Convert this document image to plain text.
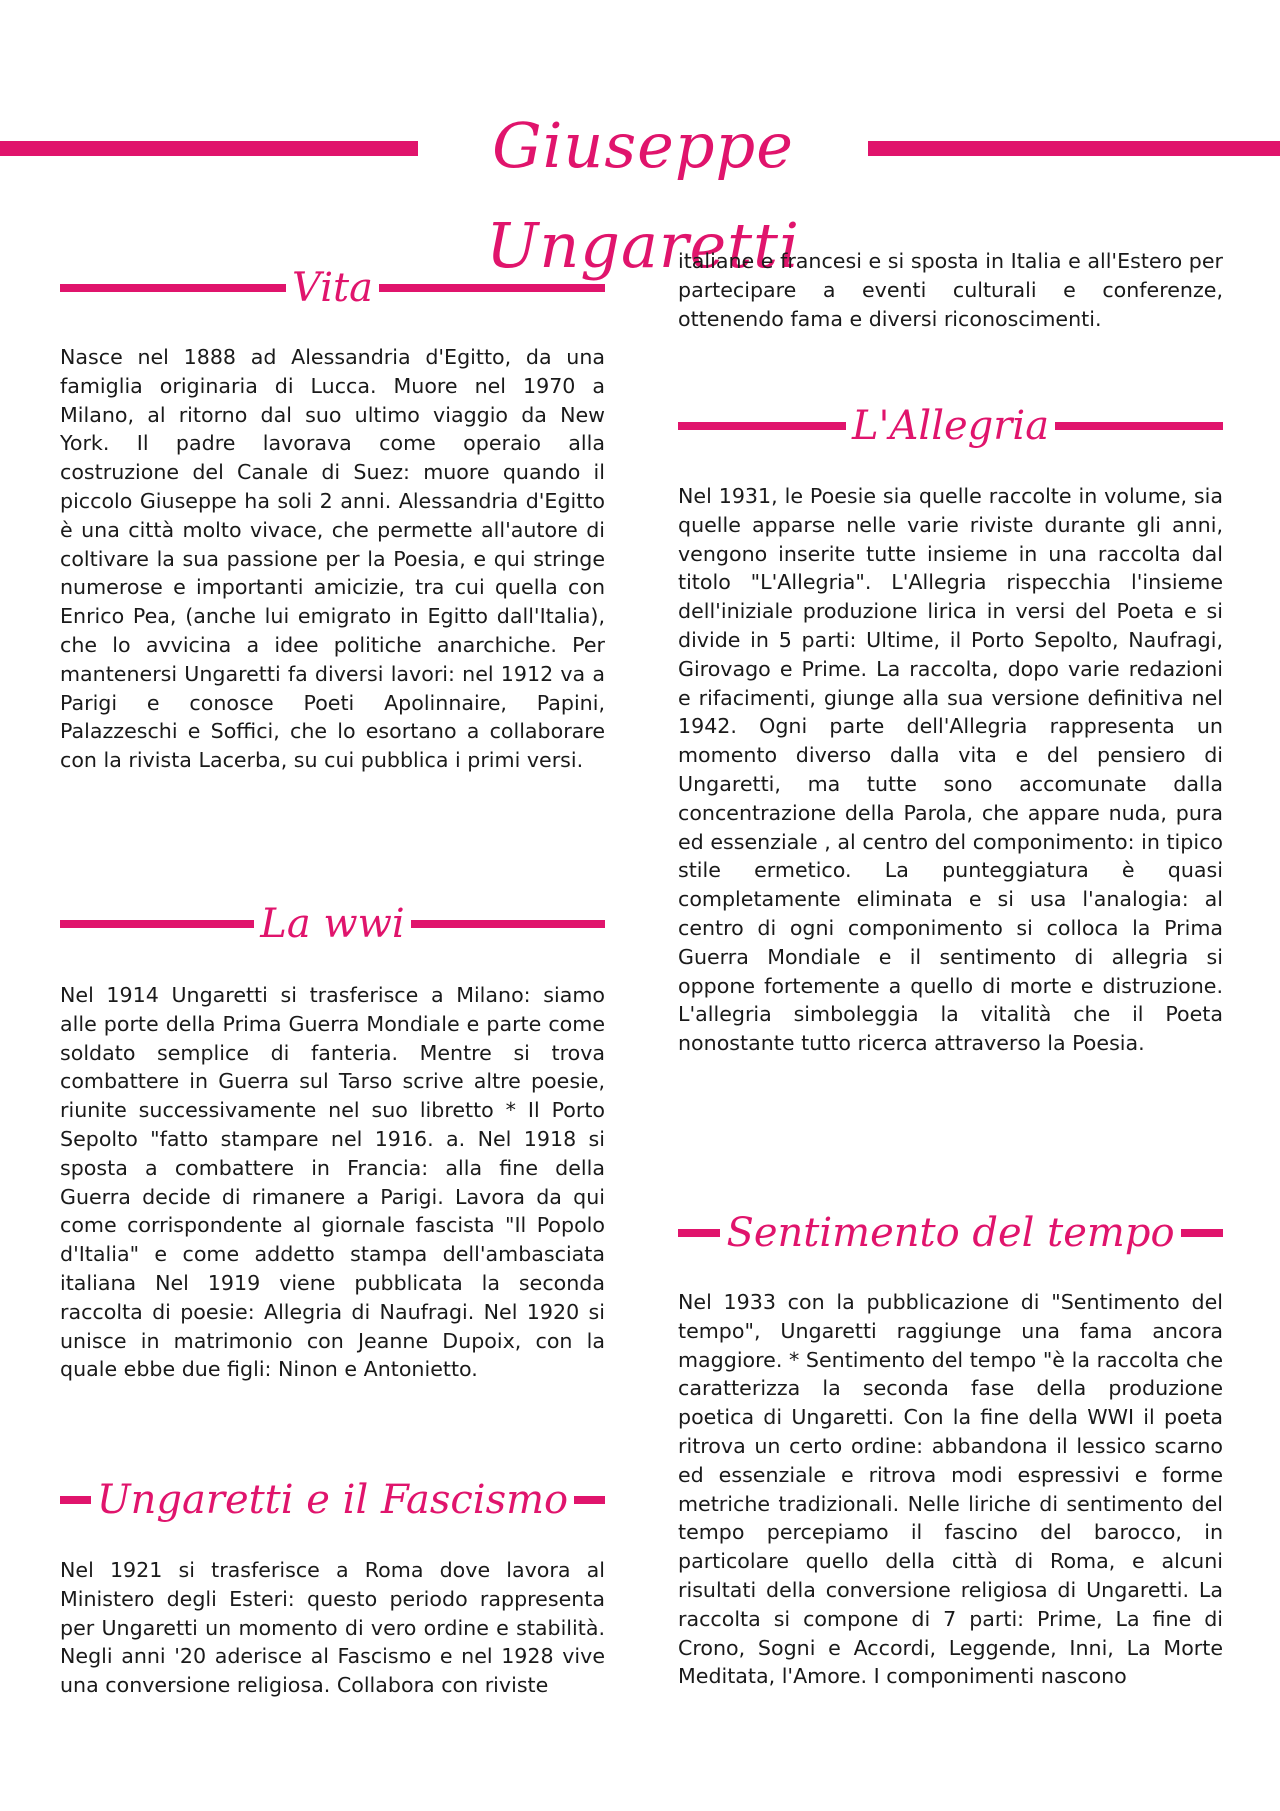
Giuseppe Ungaretti
Vita

Nasce nel 1888 ad Alessandria d'Egitto, da una famiglia originaria di Lucca. Muore nel 1970 a Milano, al ritorno dal suo ultimo viaggio da New York. Il padre lavorava come operaio alla costruzione del Canale di Suez: muore quando il piccolo Giuseppe ha soli 2 anni. Alessandria d'Egitto è una città molto vivace, che permette all'autore di coltivare la sua passione per la Poesia, e qui stringe numerose e importanti amicizie, tra cui quella con Enrico Pea, (anche lui emigrato in Egitto dall'Italia), che lo avvicina a idee politiche anarchiche. Per mantenersi Ungaretti fa diversi lavori: nel 1912 va a Parigi e conosce Poeti Apolinnaire, Papini, Palazzeschi e Soffici, che lo esortano a collaborare con la rivista Lacerba, su cui pubblica i primi versi.

La wwi

Nel 1914 Ungaretti si trasferisce a Milano: siamo alle porte della Prima Guerra Mondiale e parte come soldato semplice di fanteria. Mentre si trova combattere in Guerra sul Tarso scrive altre poesie, riunite successivamente nel suo libretto * Il Porto Sepolto "fatto stampare nel 1916. a. Nel 1918 si sposta a combattere in Francia: alla fine della Guerra decide di rimanere a Parigi. Lavora da qui come corrispondente al giornale fascista "Il Popolo d'Italia" e come addetto stampa dell'ambasciata italiana Nel 1919 viene pubblicata la seconda raccolta di poesie: Allegria di Naufragi. Nel 1920 si unisce in matrimonio con Jeanne Dupoix, con la quale ebbe due figli: Ninon e Antonietto.

Ungaretti e il Fascismo

Nel 1921 si trasferisce a Roma dove lavora al Ministero degli Esteri: questo periodo rappresenta per Ungaretti un momento di vero ordine e stabilità. Negli anni '20 aderisce al Fascismo e nel 1928 vive una conversione religiosa. Collabora con riviste

italiane e francesi e si sposta in Italia e all'Estero per partecipare a eventi culturali e conferenze, ottenendo fama e diversi riconoscimenti.

L'Allegria

Nel 1931, le Poesie sia quelle raccolte in volume, sia quelle apparse nelle varie riviste durante gli anni, vengono inserite tutte insieme in una raccolta dal titolo "L'Allegria". L'Allegria rispecchia l'insieme dell'iniziale produzione lirica in versi del Poeta e si divide in 5 parti: Ultime, il Porto Sepolto, Naufragi, Girovago e Prime. La raccolta, dopo varie redazioni e rifacimenti, giunge alla sua versione definitiva nel 1942. Ogni parte dell'Allegria rappresenta un momento diverso dalla vita e del pensiero di Ungaretti, ma tutte sono accomunate dalla concentrazione della Parola, che appare nuda, pura ed essenziale , al centro del componimento: in tipico stile ermetico. La punteggiatura è quasi completamente eliminata e si usa l'analogia: al centro di ogni componimento si colloca la Prima Guerra Mondiale e il sentimento di allegria si oppone fortemente a quello di morte e distruzione. L'allegria simboleggia la vitalità che il Poeta nonostante tutto ricerca attraverso la Poesia.

Sentimento del tempo

Nel 1933 con la pubblicazione di "Sentimento del tempo", Ungaretti raggiunge una fama ancora maggiore. * Sentimento del tempo "è la raccolta che caratterizza la seconda fase della produzione poetica di Ungaretti. Con la fine della WWI il poeta ritrova un certo ordine: abbandona il lessico scarno ed essenziale e ritrova modi espressivi e forme metriche tradizionali. Nelle liriche di sentimento del tempo percepiamo il fascino del barocco, in particolare quello della città di Roma, e alcuni risultati della conversione religiosa di Ungaretti. La raccolta si compone di 7 parti: Prime, La fine di Crono, Sogni e Accordi, Leggende, Inni, La Morte Meditata, l'Amore. I componimenti nascono
